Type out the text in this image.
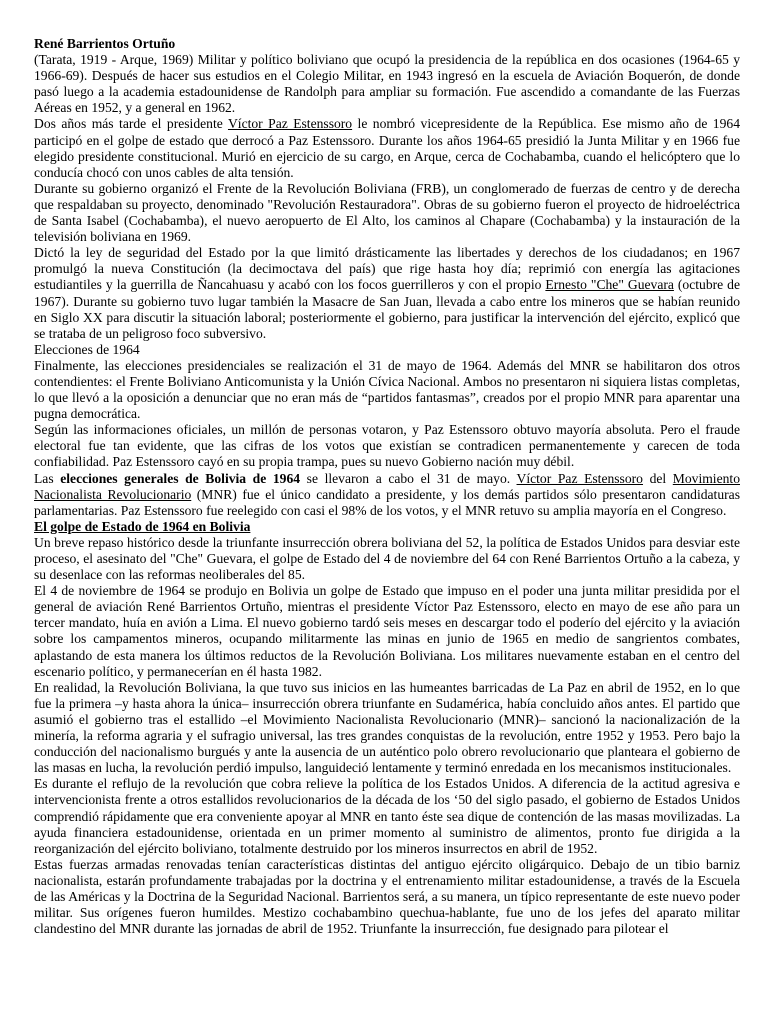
René Barrientos Ortuño

(Tarata, 1919 - Arque, 1969) Militar y político boliviano que ocupó la presidencia de la república en dos ocasiones (1964-65 y 1966-69). Después de hacer sus estudios en el Colegio Militar, en 1943 ingresó en la escuela de Aviación Boquerón, de donde pasó luego a la academia estadounidense de Randolph para ampliar su formación. Fue ascendido a comandante de las Fuerzas Aéreas en 1952, y a general en 1962.

Dos años más tarde el presidente Víctor Paz Estenssoro le nombró vicepresidente de la República. Ese mismo año de 1964 participó en el golpe de estado que derrocó a Paz Estenssoro. Durante los años 1964-65 presidió la Junta Militar y en 1966 fue elegido presidente constitucional. Murió en ejercicio de su cargo, en Arque, cerca de Cochabamba, cuando el helicóptero que lo conducía chocó con unos cables de alta tensión.

Durante su gobierno organizó el Frente de la Revolución Boliviana (FRB), un conglomerado de fuerzas de centro y de derecha que respaldaban su proyecto, denominado "Revolución Restauradora". Obras de su gobierno fueron el proyecto de hidroeléctrica de Santa Isabel (Cochabamba), el nuevo aeropuerto de El Alto, los caminos al Chapare (Cochabamba) y la instauración de la televisión boliviana en 1969.

Dictó la ley de seguridad del Estado por la que limitó drásticamente las libertades y derechos de los ciudadanos; en 1967 promulgó la nueva Constitución (la decimoctava del país) que rige hasta hoy día; reprimió con energía las agitaciones estudiantiles y la guerrilla de Ñancahuasu y acabó con los focos guerrilleros y con el propio Ernesto "Che" Guevara (octubre de 1967). Durante su gobierno tuvo lugar también la Masacre de San Juan, llevada a cabo entre los mineros que se habían reunido en Siglo XX para discutir la situación laboral; posteriormente el gobierno, para justificar la intervención del ejército, explicó que se trataba de un peligroso foco subversivo.

Elecciones de 1964

Finalmente, las elecciones presidenciales se realización el 31 de mayo de 1964. Además del MNR se habilitaron dos otros contendientes: el Frente Boliviano Anticomunista y la Unión Cívica Nacional. Ambos no presentaron ni siquiera listas completas, lo que llevó a la oposición a denunciar que no eran más de “partidos fantasmas”, creados por el propio MNR para aparentar una pugna democrática.

Según las informaciones oficiales, un millón de personas votaron, y Paz Estenssoro obtuvo mayoría absoluta. Pero el fraude electoral fue tan evidente, que las cifras de los votos que existían se contradicen permanentemente y carecen de toda confiabilidad. Paz Estenssoro cayó en su propia trampa, pues su nuevo Gobierno nación muy débil.

Las elecciones generales de Bolivia de 1964 se llevaron a cabo el 31 de mayo. Víctor Paz Estenssoro del Movimiento Nacionalista Revolucionario (MNR) fue el único candidato a presidente, y los demás partidos sólo presentaron candidaturas parlamentarias. Paz Estenssoro fue reelegido con casi el 98% de los votos, y el MNR retuvo su amplia mayoría en el Congreso.

El golpe de Estado de 1964 en Bolivia

Un breve repaso histórico desde la triunfante insurrección obrera boliviana del 52, la política de Estados Unidos para desviar este proceso, el asesinato del "Che" Guevara, el golpe de Estado del 4 de noviembre del 64 con René Barrientos Ortuño a la cabeza, y su desenlace con las reformas neoliberales del 85.

El 4 de noviembre de 1964 se produjo en Bolivia un golpe de Estado que impuso en el poder una junta militar presidida por el general de aviación René Barrientos Ortuño, mientras el presidente Víctor Paz Estenssoro, electo en mayo de ese año para un tercer mandato, huía en avión a Lima. El nuevo gobierno tardó seis meses en descargar todo el poderío del ejército y la aviación sobre los campamentos mineros, ocupando militarmente las minas en junio de 1965 en medio de sangrientos combates, aplastando de esta manera los últimos reductos de la Revolución Boliviana. Los militares nuevamente estaban en el centro del escenario político, y permanecerían en él hasta 1982.

En realidad, la Revolución Boliviana, la que tuvo sus inicios en las humeantes barricadas de La Paz en abril de 1952, en lo que fue la primera –y hasta ahora la única– insurrección obrera triunfante en Sudamérica, había concluido años antes. El partido que asumió el gobierno tras el estallido –el Movimiento Nacionalista Revolucionario (MNR)– sancionó la nacionalización de la minería, la reforma agraria y el sufragio universal, las tres grandes conquistas de la revolución, entre 1952 y 1953. Pero bajo la conducción del nacionalismo burgués y ante la ausencia de un auténtico polo obrero revolucionario que planteara el gobierno de las masas en lucha, la revolución perdió impulso, languideció lentamente y terminó enredada en los mecanismos institucionales.

Es durante el reflujo de la revolución que cobra relieve la política de los Estados Unidos. A diferencia de la actitud agresiva e intervencionista frente a otros estallidos revolucionarios de la década de los ‘50 del siglo pasado, el gobierno de Estados Unidos comprendió rápidamente que era conveniente apoyar al MNR en tanto éste sea dique de contención de las masas movilizadas. La ayuda financiera estadounidense, orientada en un primer momento al suministro de alimentos, pronto fue dirigida a la reorganización del ejército boliviano, totalmente destruido por los mineros insurrectos en abril de 1952.

Estas fuerzas armadas renovadas tenían características distintas del antiguo ejército oligárquico. Debajo de un tibio barniz nacionalista, estarán profundamente trabajadas por la doctrina y el entrenamiento militar estadounidense, a través de la Escuela de las Américas y la Doctrina de la Seguridad Nacional. Barrientos será, a su manera, un típico representante de este nuevo poder militar. Sus orígenes fueron humildes. Mestizo cochabambino quechua-hablante, fue uno de los jefes del aparato militar clandestino del MNR durante las jornadas de abril de 1952. Triunfante la insurrección, fue designado para pilotear el
